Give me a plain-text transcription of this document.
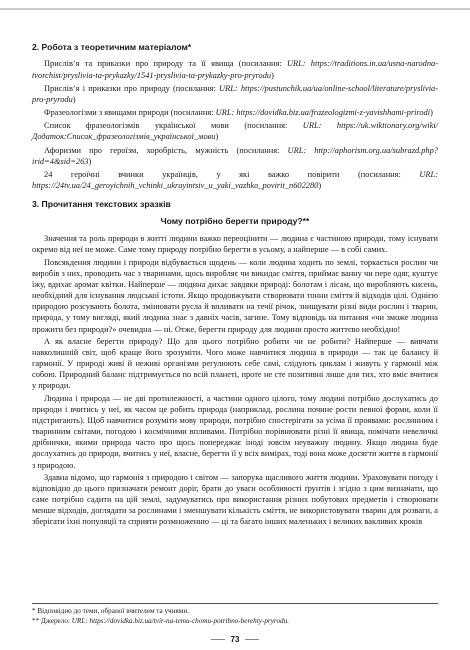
2. Робота з теоретичним матеріалом*

Прислів’я та приказки про природу та її явища (посилання: URL: https://traditions.in.ua/usna-narodna-tvorchist/pryslivia-ta-prykazky/1541-pryslivia-ta-prykazky-pro-pryrodu)

Прислів’я і приказки про природу (посилання: URL: https://pustunchik.ua/ua/online-school/literature/pryslivia-pro-pryrodu)

Фразеологізми з явищами природи (посилання: URL: https://dovidka.biz.ua/frazeologizmi-z-yavishhami-prirodi)

Список фразеологізмів української мови (посилання: URL: https://uk.wiktionary.org/wiki/Додаток:Список_фразеологізмів_української_мови)

Афоризми про героїзм, хоробрість, мужність (посилання: URL: http://aphorism.org.ua/subrazd.php?irid=4&sid=263)

24 героїчні вчинки українців, у які важко повірити (посилання: URL: https://24tv.ua/24_geroyichnih_vchinki_ukrayintsiv_u_yaki_vazhko_povirit_n602280)

3. Прочитання текстових зразків
Чому потрібно берегти природу?**

Значення та роль природи в житті людини важко переоцінити — людина є частиною природи, тому існувати окремо від неї не може. Саме тому природу потрібно берегти в усьому, а найперше — в собі самих.

Повсякдення людини і природи відбувається щодень — коли людина ходить по землі, торкається рослин чи виробів з них, проводить час з тваринами, щось виробляє чи викидає сміття, приймає ванну чи пере одяг, куштує їжу, вдихає аромат квітки. Найперше — людина дихає завдяки природі: болотам і лісам, що виробляють кисень, необхідний для існування людської істоти. Якщо продовжувати створювати тонни сміття й відходів цілі. Однією природою розсувають болота, змінювати русла й впливати на течії річок, знищувати різні види рослин і тварин, природа, у тому вигляді, який людина знає з давніх часів, загине. Тому відповідь на питання «чи зможе людина прожити без природи?» очевидна — ні. Отже, берегти природу для людини просто життєво необхідно!

А як власне берегти природу? Що для цього потрібно робити чи не робити? Найперше — вивчати навколишній світ, щоб краще його зрозуміти. Чого може навчитися людина в природи — так це балансу й гармонії. У природі живі й неживі організми регулюють себе самі, слідують циклам і живуть у гармонії між собою. Природний баланс підтримується по всій планеті, проте не сте позитивні лише для тих, хто вміє вчитися у природи.

Людина і природа — не дві протилежності, а частини одного цілого, тому людині потрібно дослухатись до природи і вчитись у неї, як часом це робить природа (наприклад, рослина почине рости певної форми, коли її підстригають). Щоб навчитися розуміти мову природи, потрібно спостерігати за усіма її проявами: рослинним і тваринним світами, погодою і космічними впливами. Потрібно порівнювати різні її явища, помічати невеличкі дрібнички, якими природа часто про щось попереджає іноді зовсім неуважну людину. Якщо людина буде дослухатись до природи, вчитись у неї, власне, берегти її у всіх вимірах, тоді вона може досягти життя в гармонії з природою.

Здавна відомо, що гармонія з природою і світом — запорука щасливого життя людини. Ураховувати погоду і відповідно до цього призначати ремонт доріг, брати до уваги особливості ґрунтів і згідно з цим визначати, що саме потрібно садити на цій землі, задумуватись про використання різних побутових предметів і створювати менше відходів, доглядати за рослинами і зменшувати кількість сміття, не використовувати тварин для розваги, а зберігати їхні популяції та сприяти розмноженню — ці та багато інших маленьких і великих вакливих кроків

* Відповідно до теми, обраної вчителем та учнями.
** Джерело: URL: https://dovidka.biz.ua/tvir-na-temu-chomu-potribno-berehty-pryrodu.
73
